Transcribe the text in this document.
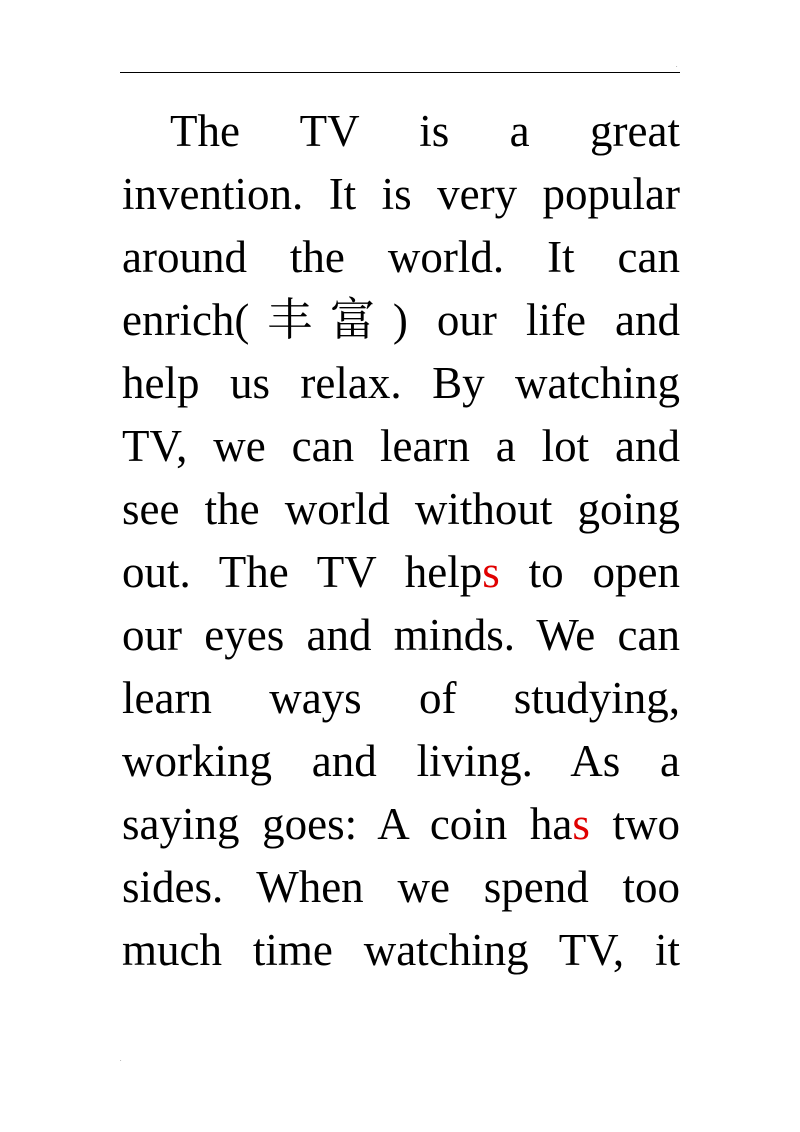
.
The TV is a great
invention. It is very popular
around the world. It can
enrich(丰富) our life and
help us relax. By watching
TV, we can learn a lot and
see the world without going
out. The TV helps to open
our eyes and minds. We can
learn ways of studying,
working and living. As a
saying goes: A coin has two
sides. When we spend too
much time watching TV, it
.
